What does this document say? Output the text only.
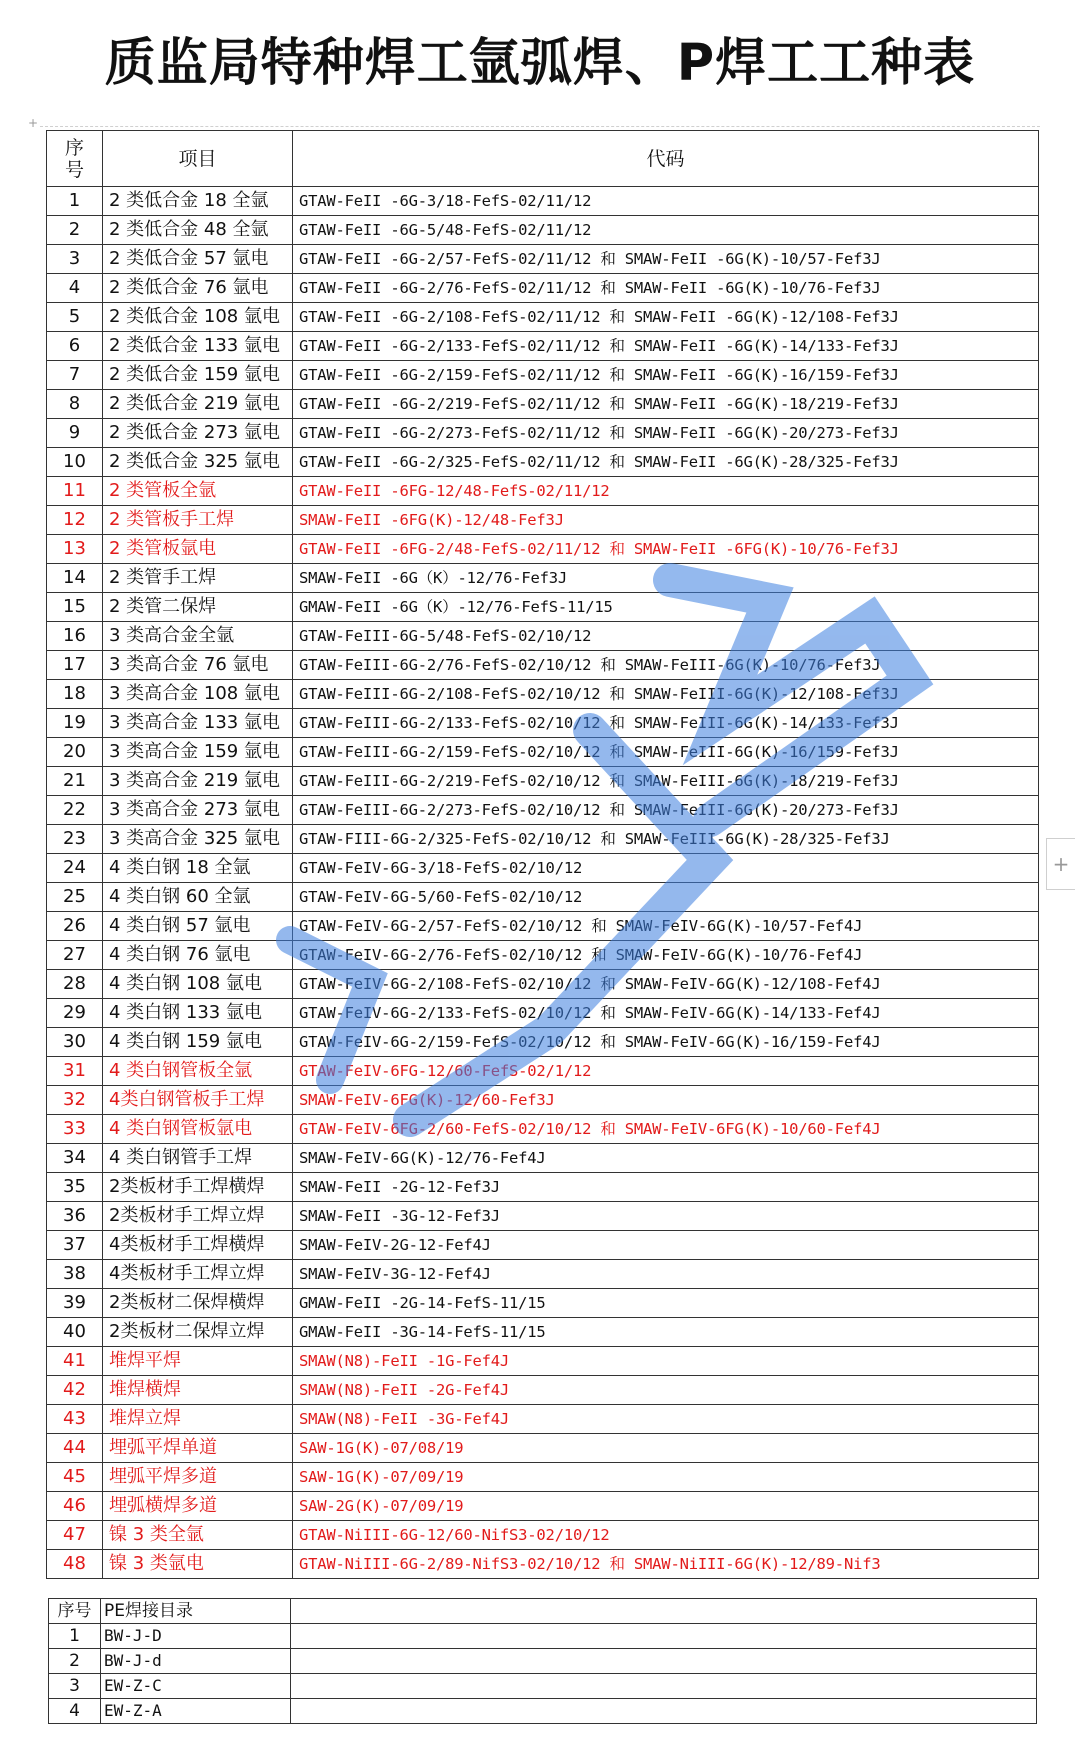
质监局特种焊工氩弧焊、P焊工工种表
+
序号	项目	代码
1	2 类低合金 18 全氩	GTAW-FeII -6G-3/18-FefS-02/11/12
2	2 类低合金 48 全氩	GTAW-FeII -6G-5/48-FefS-02/11/12
3	2 类低合金 57 氩电	GTAW-FeII -6G-2/57-FefS-02/11/12 和 SMAW-FeII -6G(K)-10/57-Fef3J
4	2 类低合金 76 氩电	GTAW-FeII -6G-2/76-FefS-02/11/12 和 SMAW-FeII -6G(K)-10/76-Fef3J
5	2 类低合金 108 氩电	GTAW-FeII -6G-2/108-FefS-02/11/12 和 SMAW-FeII -6G(K)-12/108-Fef3J
6	2 类低合金 133 氩电	GTAW-FeII -6G-2/133-FefS-02/11/12 和 SMAW-FeII -6G(K)-14/133-Fef3J
7	2 类低合金 159 氩电	GTAW-FeII -6G-2/159-FefS-02/11/12 和 SMAW-FeII -6G(K)-16/159-Fef3J
8	2 类低合金 219 氩电	GTAW-FeII -6G-2/219-FefS-02/11/12 和 SMAW-FeII -6G(K)-18/219-Fef3J
9	2 类低合金 273 氩电	GTAW-FeII -6G-2/273-FefS-02/11/12 和 SMAW-FeII -6G(K)-20/273-Fef3J
10	2 类低合金 325 氩电	GTAW-FeII -6G-2/325-FefS-02/11/12 和 SMAW-FeII -6G(K)-28/325-Fef3J
11	2 类管板全氩	GTAW-FeII -6FG-12/48-FefS-02/11/12
12	2 类管板手工焊	SMAW-FeII -6FG(K)-12/48-Fef3J
13	2 类管板氩电	GTAW-FeII -6FG-2/48-FefS-02/11/12 和 SMAW-FeII -6FG(K)-10/76-Fef3J
14	2 类管手工焊	SMAW-FeII -6G（K）-12/76-Fef3J
15	2 类管二保焊	GMAW-FeII -6G（K）-12/76-FefS-11/15
16	3 类高合金全氩	GTAW-FeIII-6G-5/48-FefS-02/10/12
17	3 类高合金 76 氩电	GTAW-FeIII-6G-2/76-FefS-02/10/12 和 SMAW-FeIII-6G(K)-10/76-Fef3J
18	3 类高合金 108 氩电	GTAW-FeIII-6G-2/108-FefS-02/10/12 和 SMAW-FeIII-6G(K)-12/108-Fef3J
19	3 类高合金 133 氩电	GTAW-FeIII-6G-2/133-FefS-02/10/12 和 SMAW-FeIII-6G(K)-14/133-Fef3J
20	3 类高合金 159 氩电	GTAW-FeIII-6G-2/159-FefS-02/10/12 和 SMAW-FeIII-6G(K)-16/159-Fef3J
21	3 类高合金 219 氩电	GTAW-FeIII-6G-2/219-FefS-02/10/12 和 SMAW-FeIII-6G(K)-18/219-Fef3J
22	3 类高合金 273 氩电	GTAW-FeIII-6G-2/273-FefS-02/10/12 和 SMAW-FeIII-6G(K)-20/273-Fef3J
23	3 类高合金 325 氩电	GTAW-FIII-6G-2/325-FefS-02/10/12 和 SMAW-FeIII-6G(K)-28/325-Fef3J
24	4 类白钢 18 全氩	GTAW-FeIV-6G-3/18-FefS-02/10/12
25	4 类白钢 60 全氩	GTAW-FeIV-6G-5/60-FefS-02/10/12
26	4 类白钢 57 氩电	GTAW-FeIV-6G-2/57-FefS-02/10/12 和 SMAW-FeIV-6G(K)-10/57-Fef4J
27	4 类白钢 76 氩电	GTAW-FeIV-6G-2/76-FefS-02/10/12 和 SMAW-FeIV-6G(K)-10/76-Fef4J
28	4 类白钢 108 氩电	GTAW-FeIV-6G-2/108-FefS-02/10/12 和 SMAW-FeIV-6G(K)-12/108-Fef4J
29	4 类白钢 133 氩电	GTAW-FeIV-6G-2/133-FefS-02/10/12 和 SMAW-FeIV-6G(K)-14/133-Fef4J
30	4 类白钢 159 氩电	GTAW-FeIV-6G-2/159-FefS-02/10/12 和 SMAW-FeIV-6G(K)-16/159-Fef4J
31	4 类白钢管板全氩	GTAW-FeIV-6FG-12/60-FefS-02/1/12
32	4类白钢管板手工焊	SMAW-FeIV-6FG(K)-12/60-Fef3J
33	4 类白钢管板氩电	GTAW-FeIV-6FG-2/60-FefS-02/10/12 和 SMAW-FeIV-6FG(K)-10/60-Fef4J
34	4 类白钢管手工焊	SMAW-FeIV-6G(K)-12/76-Fef4J
35	2类板材手工焊横焊	SMAW-FeII -2G-12-Fef3J
36	2类板材手工焊立焊	SMAW-FeII -3G-12-Fef3J
37	4类板材手工焊横焊	SMAW-FeIV-2G-12-Fef4J
38	4类板材手工焊立焊	SMAW-FeIV-3G-12-Fef4J
39	2类板材二保焊横焊	GMAW-FeII -2G-14-FefS-11/15
40	2类板材二保焊立焊	GMAW-FeII -3G-14-FefS-11/15
41	堆焊平焊	SMAW(N8)-FeII -1G-Fef4J
42	堆焊横焊	SMAW(N8)-FeII -2G-Fef4J
43	堆焊立焊	SMAW(N8)-FeII -3G-Fef4J
44	埋弧平焊单道	SAW-1G(K)-07/08/19
45	埋弧平焊多道	SAW-1G(K)-07/09/19
46	埋弧横焊多道	SAW-2G(K)-07/09/19
47	镍 3 类全氩	GTAW-NiIII-6G-12/60-NifS3-02/10/12
48	镍 3 类氩电	GTAW-NiIII-6G-2/89-NifS3-02/10/12 和 SMAW-NiIII-6G(K)-12/89-Nif3
序号	PE焊接目录	
1	BW-J-D	
2	BW-J-d	
3	EW-Z-C	
4	EW-Z-A	
+
